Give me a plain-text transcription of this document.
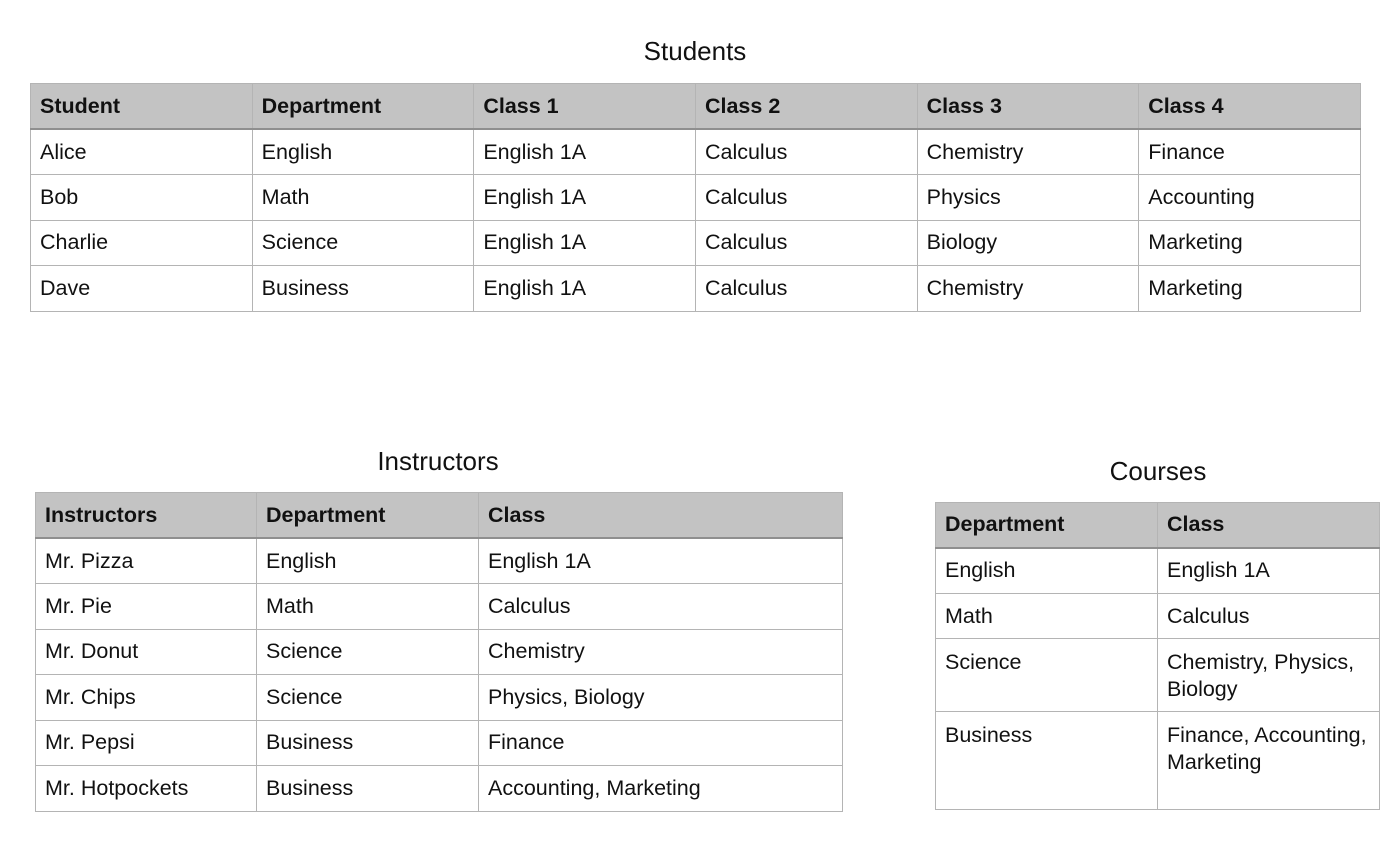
Students
Student	Department	Class 1	Class 2	Class 3	Class 4
Alice	English	English 1A	Calculus	Chemistry	Finance
Bob	Math	English 1A	Calculus	Physics	Accounting
Charlie	Science	English 1A	Calculus	Biology	Marketing
Dave	Business	English 1A	Calculus	Chemistry	Marketing
Instructors
Instructors	Department	Class
Mr. Pizza	English	English 1A
Mr. Pie	Math	Calculus
Mr. Donut	Science	Chemistry
Mr. Chips	Science	Physics, Biology
Mr. Pepsi	Business	Finance
Mr. Hotpockets	Business	Accounting, Marketing
Courses
Department	Class
English	English 1A
Math	Calculus
Science	Chemistry, Physics, Biology
Business	Finance, Accounting, Marketing
